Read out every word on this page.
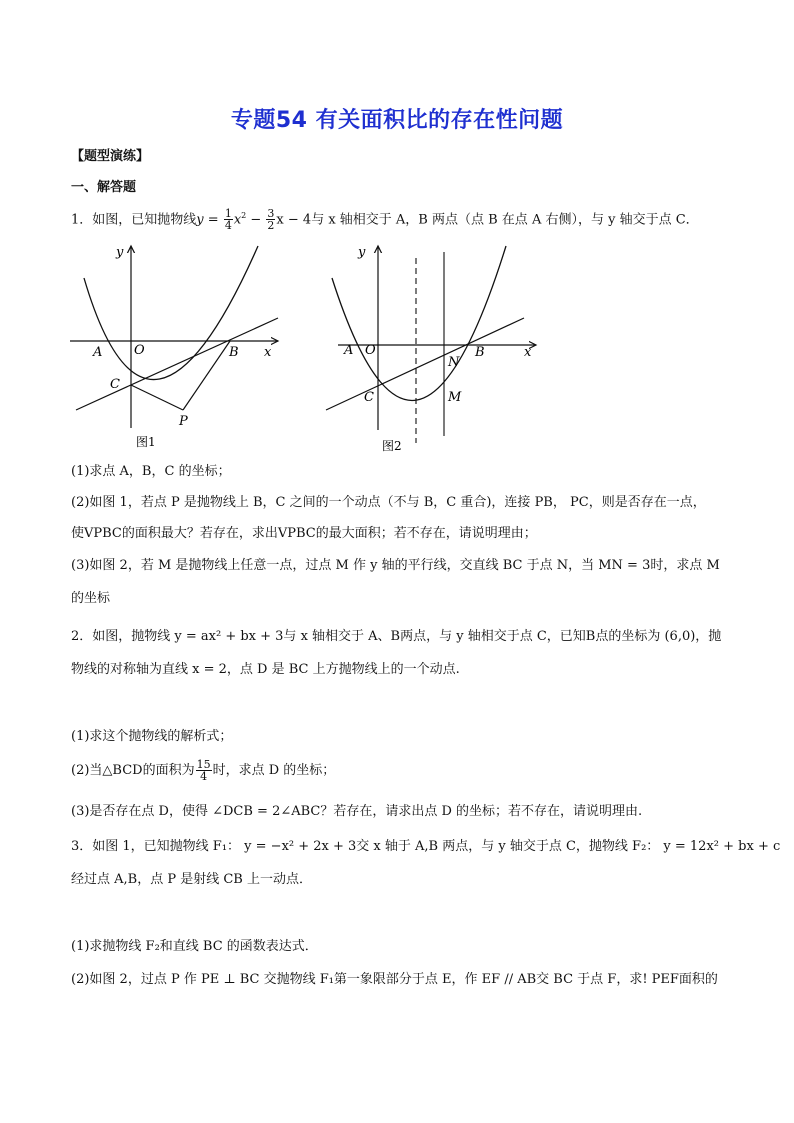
专题54 有关面积比的存在性问题
【题型演练】
一、解答题
1．如图，已知抛物线$y = \frac{1}{4} x^2 - \frac{3}{2}$ x − 4与 x 轴相交于 A，B 两点（点 B 在点 A 右侧），与 y 轴交于点 C．
y
x
A O	B
C
P
图1
y
x
A O	B
C
N
M
图2
(1)求点 A，B，C 的坐标；
(2)如图 1，若点 P 是抛物线上 B，C 之间的一个动点（不与 B，C 重合)，连接 PB， PC，则是否存在一点，
使VPBC的面积最大？若存在，求出VPBC的最大面积；若不存在，请说明理由；
(3)如图 2，若 M 是抛物线上任意一点，过点 M 作 y 轴的平行线，交直线 BC 于点 N，当 MN = 3时，求点 M
的坐标
2．如图，抛物线 y = ax² + bx + 3与 x 轴相交于 A、B两点，与 y 轴相交于点 C，已知B点的坐标为 (6,0)，抛
物线的对称轴为直线 x = 2，点 D 是 BC 上方抛物线上的一个动点.
(1)求这个抛物线的解析式；
(2)当△BCD的面积为 $\frac{15}{4}$ 时，求点 D 的坐标；
(3)是否存在点 D，使得 ∠DCB = 2∠ABC？若存在，请求出点 D 的坐标；若不存在，请说明理由.
3．如图 1，已知抛物线 F₁： y = −x² + 2x + 3交 x 轴于 A,B 两点，与 y 轴交于点 C，抛物线 F₂： y = 12x² + bx + c
经过点 A,B，点 P 是射线 CB 上一动点．
(1)求抛物线 F₂和直线 BC 的函数表达式．
(2)如图 2，过点 P 作 PE ⊥ BC 交抛物线 F₁第一象限部分于点 E，作 EF // AB交 BC 于点 F，求! PEF面积的
